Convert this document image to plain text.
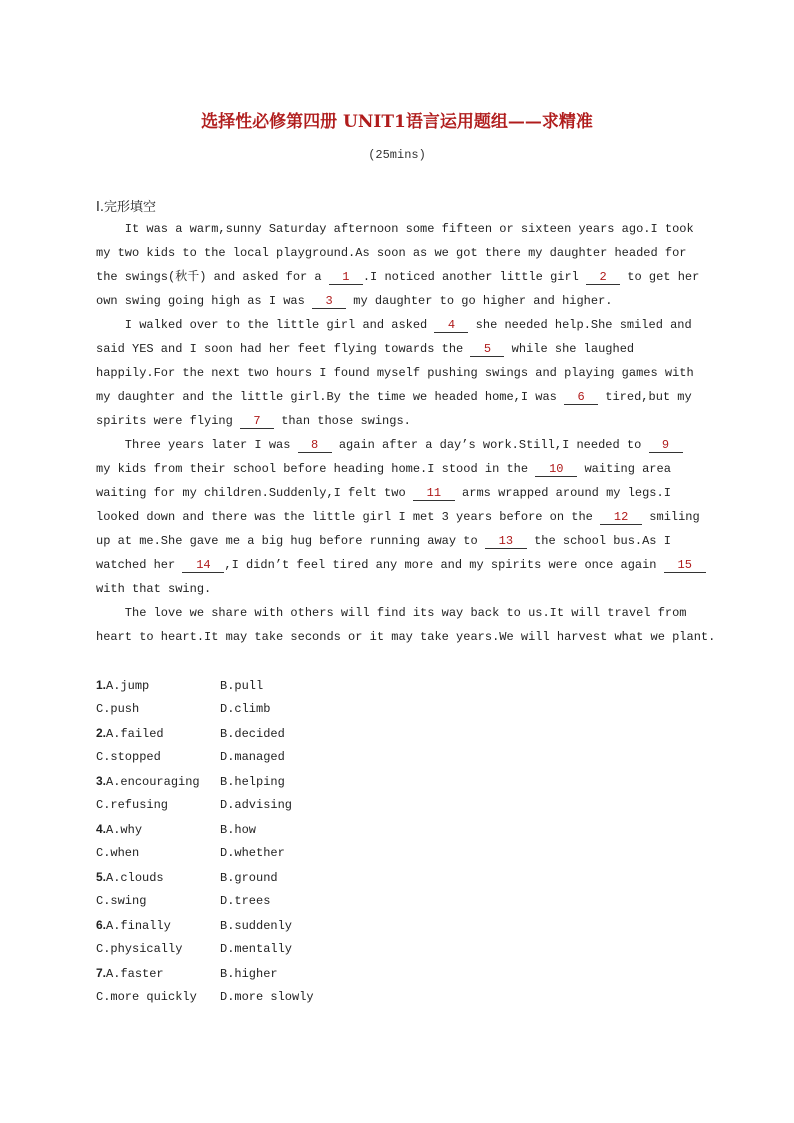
选择性必修第四册 UNIT1语言运用题组——求精准
(25mins)
Ⅰ.完形填空
It was a warm,sunny Saturday afternoon some fifteen or sixteen years ago.I took
my two kids to the local playground.As soon as we got there my daughter headed for
the swings(秋千) and asked for a 1 .I noticed another little girl 2 to get her
own swing going high as I was 3 my daughter to go higher and higher.
I walked over to the little girl and asked 4 she needed help.She smiled and
said YES and I soon had her feet flying towards the 5 while she laughed
happily.For the next two hours I found myself pushing swings and playing games with
my daughter and the little girl.By the time we headed home,I was 6 tired,but my
spirits were flying 7 than those swings.
Three years later I was 8 again after a day’s work.Still,I needed to 9
my kids from their school before heading home.I stood in the 10 waiting area
waiting for my children.Suddenly,I felt two 11 arms wrapped around my legs.I
looked down and there was the little girl I met 3 years before on the 12 smiling
up at me.She gave me a big hug before running away to 13 the school bus.As I
watched her 14 ,I didn’t feel tired any more and my spirits were once again 15
with that swing.
The love we share with others will find its way back to us.It will travel from
heart to heart.It may take seconds or it may take years.We will harvest what we plant.
1.A.jump	B.pull
C.push	D.climb
2.A.failed	B.decided
C.stopped	D.managed
3.A.encouraging B.helping
C.refusing	D.advising
4.A.why	B.how
C.when	D.whether
5.A.clouds	B.ground
C.swing	D.trees
6.A.finally	B.suddenly
C.physically	D.mentally
7.A.faster	B.higher
C.more quickly D.more slowly
